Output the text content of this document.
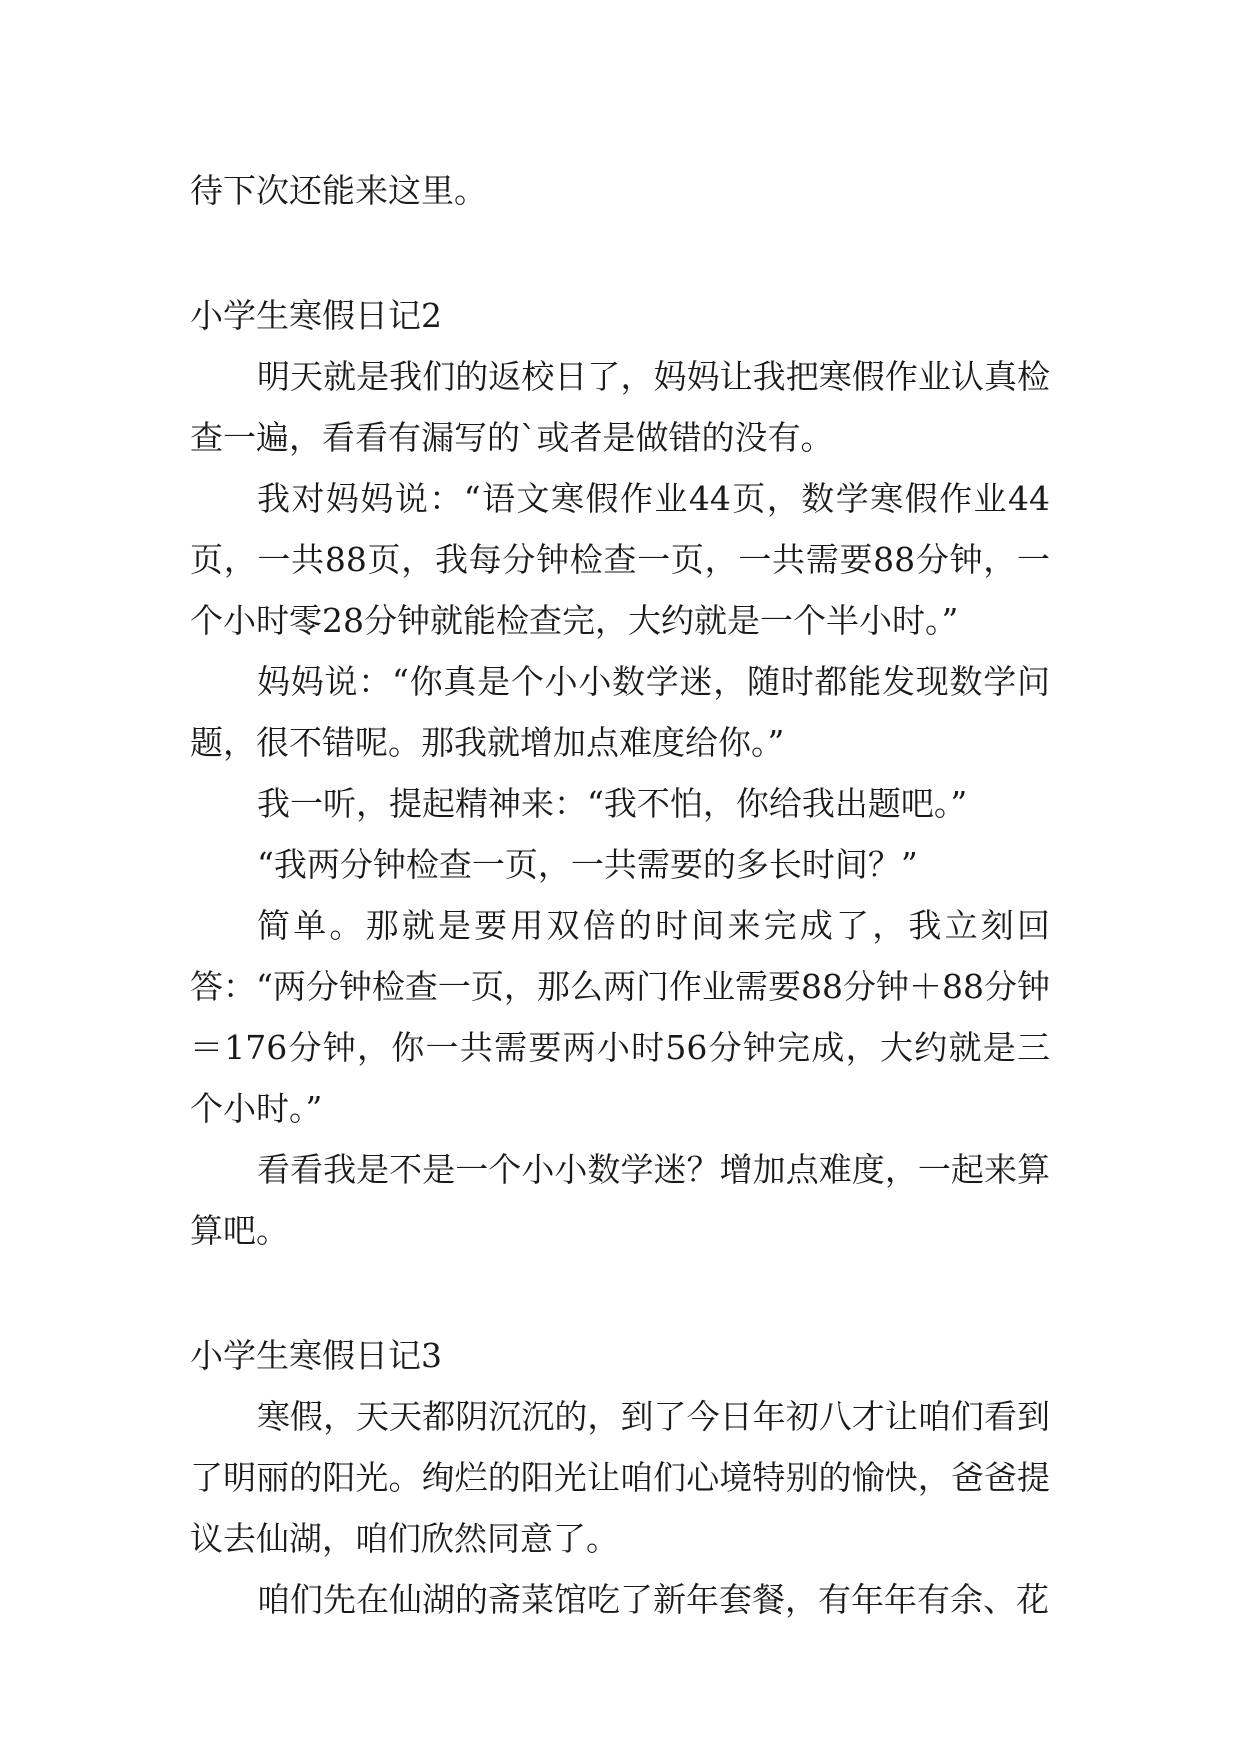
待下次还能来这里。

小学生寒假日记2

明天就是我们的返校日了，妈妈让我把寒假作业认真检查一遍，看看有漏写的`或者是做错的没有。

我对妈妈说：“语文寒假作业44页，数学寒假作业44页，一共88页，我每分钟检查一页，一共需要88分钟，一个小时零28分钟就能检查完，大约就是一个半小时。”

妈妈说：“你真是个小小数学迷，随时都能发现数学问题，很不错呢。那我就增加点难度给你。”

我一听，提起精神来：“我不怕，你给我出题吧。”

“我两分钟检查一页，一共需要的多长时间？”

简单。那就是要用双倍的时间来完成了，我立刻回答：“两分钟检查一页，那么两门作业需要88分钟＋88分钟＝176分钟，你一共需要两小时56分钟完成，大约就是三个小时。”

看看我是不是一个小小数学迷？增加点难度，一起来算算吧。

小学生寒假日记3

寒假，天天都阴沉沉的，到了今日年初八才让咱们看到了明丽的阳光。绚烂的阳光让咱们心境特别的愉快，爸爸提议去仙湖，咱们欣然同意了。

咱们先在仙湖的斋菜馆吃了新年套餐，有年年有余、花
